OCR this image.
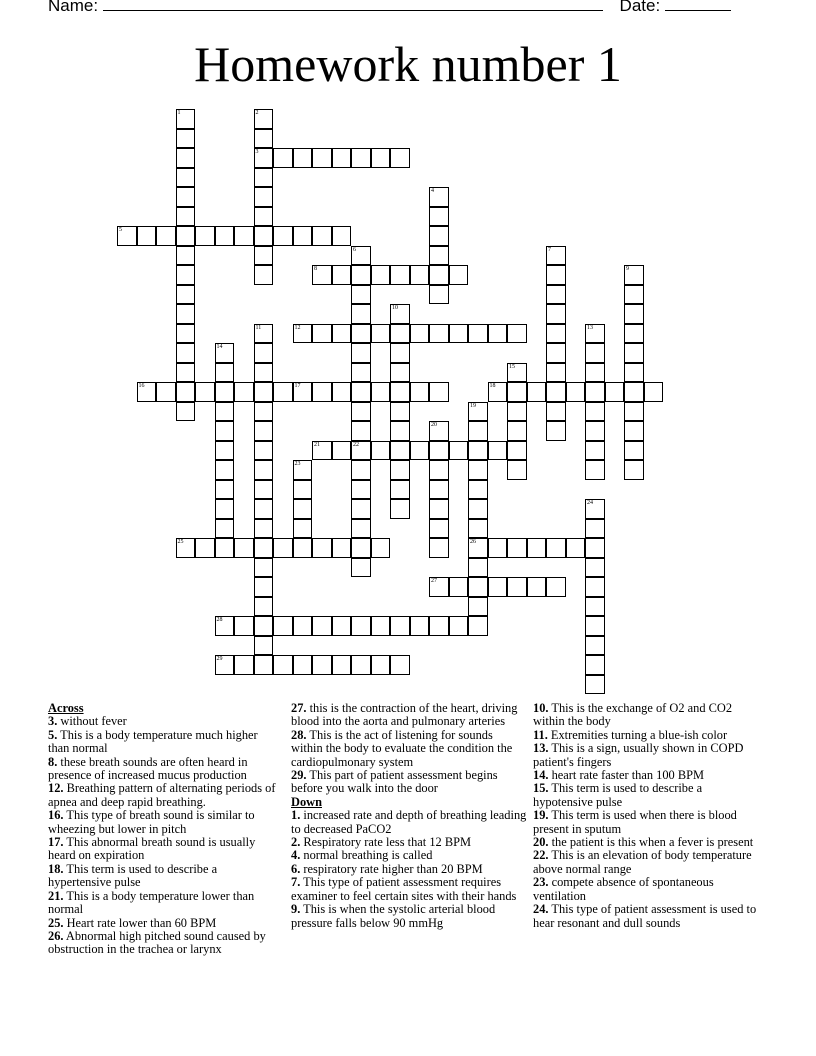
Name:	Date:
Homework number 1
1	2
3
4
5
6
22
7
8	9
10
11	12	13
14
15
16	17	18
19
26
20
21
23
24
25
27
28
29
Across
3. without fever
5. This is a body temperature much higher than normal
8. these breath sounds are often heard in presence of increased mucus production
12. Breathing pattern of alternating periods of apnea and deep rapid breathing.
16. This type of breath sound is similar to wheezing but lower in pitch
17. This abnormal breath sound is usually heard on expiration
18. This term is used to describe a hypertensive pulse
21. This is a body temperature lower than normal
25. Heart rate lower than 60 BPM
26. Abnormal high pitched sound caused by obstruction in the trachea or larynx
27. this is the contraction of the heart, driving blood into the aorta and pulmonary arteries
28. This is the act of listening for sounds within the body to evaluate the condition the cardiopulmonary system
29. This part of patient assessment begins before you walk into the door
Down
1. increased rate and depth of breathing leading to decreased PaCO2
2. Respiratory rate less that 12 BPM
4. normal breathing is called
6. respiratory rate higher than 20 BPM
7. This type of patient assessment requires examiner to feel certain sites with their hands
9. This is when the systolic arterial blood pressure falls below 90 mmHg
10. This is the exchange of O2 and CO2 within the body
11. Extremities turning a blue-ish color
13. This is a sign, usually shown in COPD patient's fingers
14. heart rate faster than 100 BPM
15. This term is used to describe a hypotensive pulse
19. This term is used when there is blood present in sputum
20. the patient is this when a fever is present
22. This is an elevation of body temperature above normal range
23. compete absence of spontaneous ventilation
24. This type of patient assessment is used to hear resonant and dull sounds
